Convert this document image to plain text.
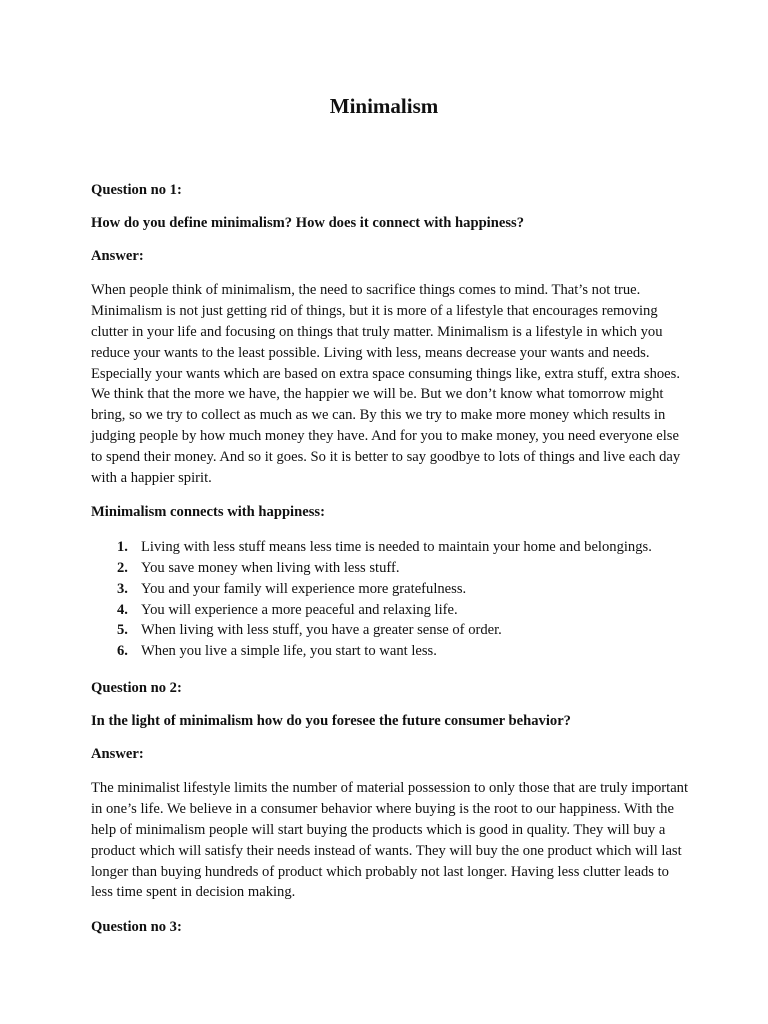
Minimalism

Question no 1:

How do you define minimalism? How does it connect with happiness?

Answer:

When people think of minimalism, the need to sacrifice things comes to mind. That’s not true. Minimalism is not just getting rid of things, but it is more of a lifestyle that encourages removing clutter in your life and focusing on things that truly matter. Minimalism is a lifestyle in which you reduce your wants to the least possible. Living with less, means decrease your wants and needs. Especially your wants which are based on extra space consuming things like, extra stuff, extra shoes. We think that the more we have, the happier we will be. But we don’t know what tomorrow might bring, so we try to collect as much as we can. By this we try to make more money which results in judging people by how much money they have. And for you to make money, you need everyone else to spend their money. And so it goes. So it is better to say goodbye to lots of things and live each day with a happier spirit.

Minimalism connects with happiness:

1. Living with less stuff means less time is needed to maintain your home and belongings.
2. You save money when living with less stuff.
3. You and your family will experience more gratefulness.
4. You will experience a more peaceful and relaxing life.
5. When living with less stuff, you have a greater sense of order.
6. When you live a simple life, you start to want less.

Question no 2:

In the light of minimalism how do you foresee the future consumer behavior?

Answer:

The minimalist lifestyle limits the number of material possession to only those that are truly important in one’s life. We believe in a consumer behavior where buying is the root to our happiness. With the help of minimalism people will start buying the products which is good in quality. They will buy a product which will satisfy their needs instead of wants. They will buy the one product which will last longer than buying hundreds of product which probably not last longer. Having less clutter leads to less time spent in decision making.

Question no 3:
